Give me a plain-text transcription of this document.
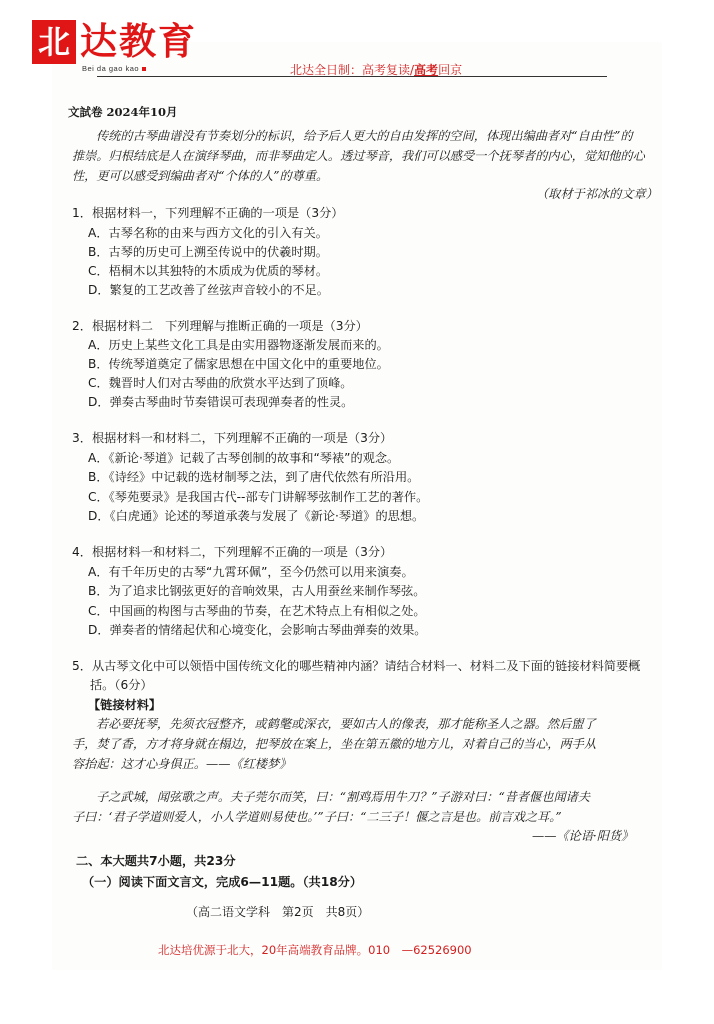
北 达教育
Bei da gao kao	北达全日制：高考复读/高考回京
文試卷 2024年10月
传统的古琴曲谱没有节奏划分的标识，给予后人更大的自由发挥的空间，体现出编曲者对“自由性”的
推崇。归根结底是人在演绎琴曲，而非琴曲定人。透过琴音，我们可以感受一个抚琴者的内心，觉知他的心
性，更可以感受到编曲者对“个体的人”的尊重。
（取材于祁冰的文章）
1．根据材料一，下列理解不正确的一项是（3分）
A．古琴名称的由来与西方文化的引入有关。
B．古琴的历史可上溯至传说中的伏羲时期。
C．梧桐木以其独特的木质成为优质的琴材。
D．繁复的工艺改善了丝弦声音较小的不足。
2．根据材料二　下列理解与推断正确的一项是（3分）
A．历史上某些文化工具是由实用器物逐渐发展而来的。
B．传统琴道奠定了儒家思想在中国文化中的重要地位。
C．魏晋时人们对古琴曲的欣赏水平达到了顶峰。
D．弹奏古琴曲时节奏错误可表现弹奏者的性灵。
3．根据材料一和材料二，下列理解不正确的一项是（3分）
A．《新论·琴道》记载了古琴创制的故事和“琴裱”的观念。
B．《诗经》中记载的选材制琴之法，到了唐代依然有所沿用。
C．《琴苑要录》是我国古代--部专门讲解琴弦制作工艺的著作。
D．《白虎通》论述的琴道承袭与发展了《新论·琴道》的思想。
4．根据材料一和材料二，下列理解不正确的一项是（3分）
A．有千年历史的古琴“九霄环佩”，至今仍然可以用来演奏。
B．为了追求比钢弦更好的音响效果，古人用蚕丝来制作琴弦。
C．中国画的构图与古琴曲的节奏，在艺术特点上有相似之处。
D．弹奏者的情绪起伏和心境变化，会影响古琴曲弹奏的效果。
5．从古琴文化中可以领悟中国传统文化的哪些精神内涵？请结合材料一、材料二及下面的链接材料简要概
括。（6分）
【链接材料】
若必要抚琴，先须衣冠整齐，或鹤氅或深衣，要如古人的像表，那才能称圣人之器。然后盥了
手，焚了香，方才将身就在榻边，把琴放在案上，坐在第五徽的地方儿，对着自己的当心，两手从
容抬起：这才心身俱正。——《红楼梦》
子之武城，闻弦歌之声。夫子莞尔而笑，曰：“割鸡焉用牛刀？”子游对曰：“昔者偃也闻诸夫
子曰：‘君子学道则爱人，小人学道则易使也。’”子曰：“二三子！偃之言是也。前言戏之耳。”
——《论语·阳货》
二、本大题共7小题，共23分
（一）阅读下面文言文，完成6—11题。（共18分）
（高二语文学科　第2页　共8页）
北达培优源于北大，20年高端教育品牌。010　—62526900
